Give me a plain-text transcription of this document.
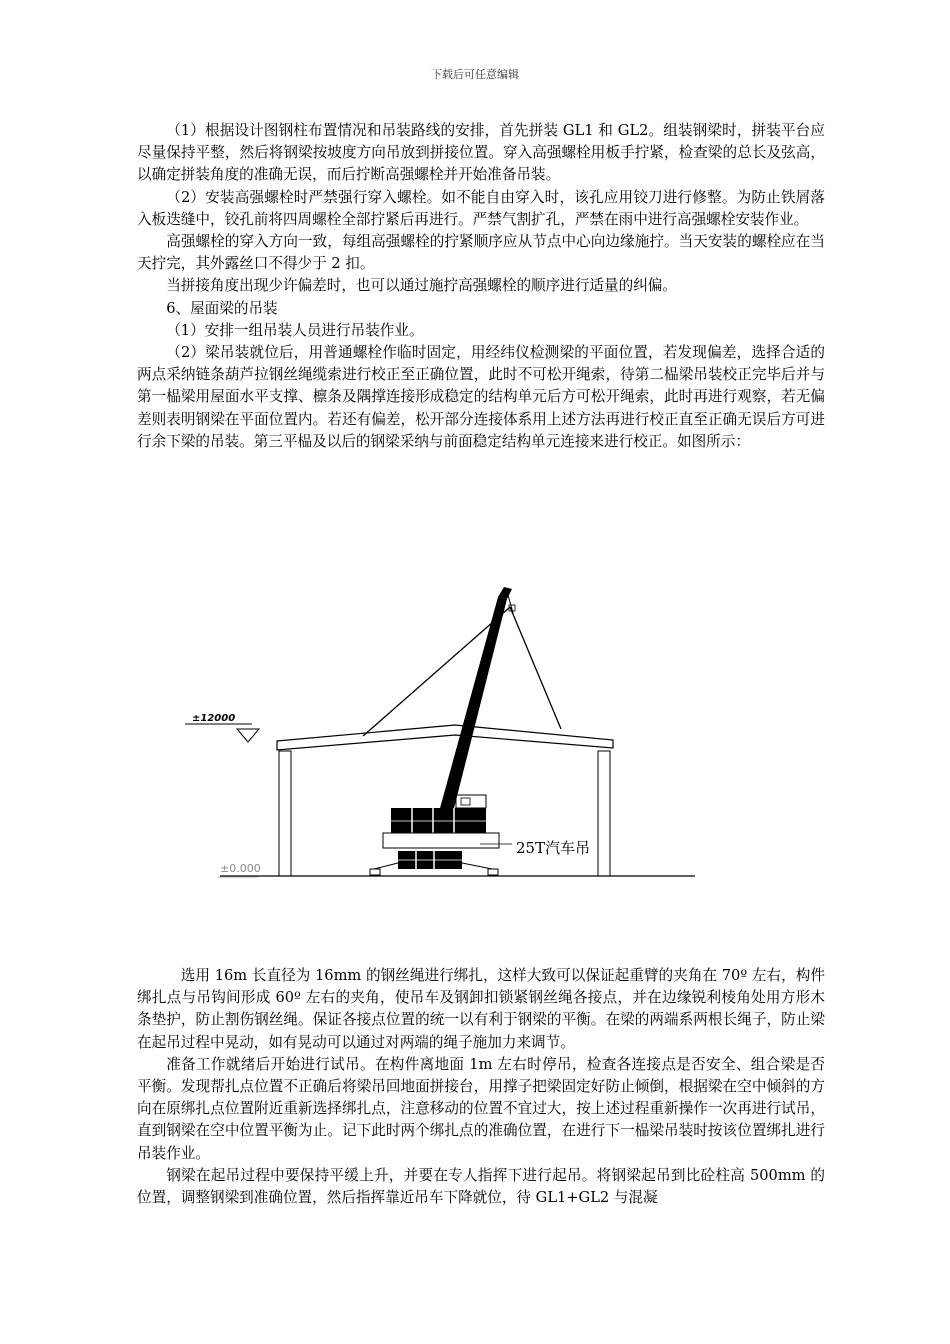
下载后可任意编辑

（1）根据设计图钢柱布置情况和吊装路线的安排，首先拼装 GL1 和 GL2。组装钢梁时，拼装平台应尽量保持平整，然后将钢梁按坡度方向吊放到拼接位置。穿入高强螺栓用板手拧紧，检查梁的总长及弦高，以确定拼装角度的准确无误，而后拧断高强螺栓并开始准备吊装。

（2）安装高强螺栓时严禁强行穿入螺栓。如不能自由穿入时，该孔应用铰刀进行修整。为防止铁屑落入板迭缝中，铰孔前将四周螺栓全部拧紧后再进行。严禁气割扩孔，严禁在雨中进行高强螺栓安装作业。

高强螺栓的穿入方向一致，每组高强螺栓的拧紧顺序应从节点中心向边缘施拧。当天安装的螺栓应在当天拧完，其外露丝口不得少于 2 扣。

当拼接角度出现少许偏差时，也可以通过施拧高强螺栓的顺序进行适量的纠偏。

6、屋面梁的吊装

（1）安排一组吊装人员进行吊装作业。

（2）梁吊装就位后，用普通螺栓作临时固定，用经纬仪检测梁的平面位置，若发现偏差，选择合适的两点采纳链条葫芦拉钢丝绳缆索进行校正至正确位置，此时不可松开绳索，待第二榀梁吊装校正完毕后并与第一榀梁用屋面水平支撑、檩条及隅撑连接形成稳定的结构单元后方可松开绳索，此时再进行观察，若无偏差则表明钢梁在平面位置内。若还有偏差，松开部分连接体系用上述方法再进行校正直至正确无误后方可进行余下梁的吊装。第三平榀及以后的钢梁采纳与前面稳定结构单元连接来进行校正。如图所示：

±12000
±0.000
25T汽车吊

选用 16m 长直径为 16mm 的钢丝绳进行绑扎，这样大致可以保证起重臂的夹角在 70º 左右，构件绑扎点与吊钩间形成 60º 左右的夹角，使吊车及钢卸扣锁紧钢丝绳各接点，并在边缘锐利棱角处用方形木条垫护，防止割伤钢丝绳。保证各接点位置的统一以有利于钢梁的平衡。在梁的两端系两根长绳子，防止梁在起吊过程中晃动，如有晃动可以通过对两端的绳子施加力来调节。

准备工作就绪后开始进行试吊。在构件离地面 1m 左右时停吊，检查各连接点是否安全、组合梁是否平衡。发现帮扎点位置不正确后将梁吊回地面拼接台，用撑子把梁固定好防止倾倒，根据梁在空中倾斜的方向在原绑扎点位置附近重新选择绑扎点，注意移动的位置不宜过大，按上述过程重新操作一次再进行试吊，直到钢梁在空中位置平衡为止。记下此时两个绑扎点的准确位置，在进行下一榀梁吊装时按该位置绑扎进行吊装作业。

钢梁在起吊过程中要保持平缓上升，并要在专人指挥下进行起吊。将钢梁起吊到比砼柱高 500mm 的位置，调整钢梁到准确位置，然后指挥靠近吊车下降就位，待 GL1+GL2 与混凝
